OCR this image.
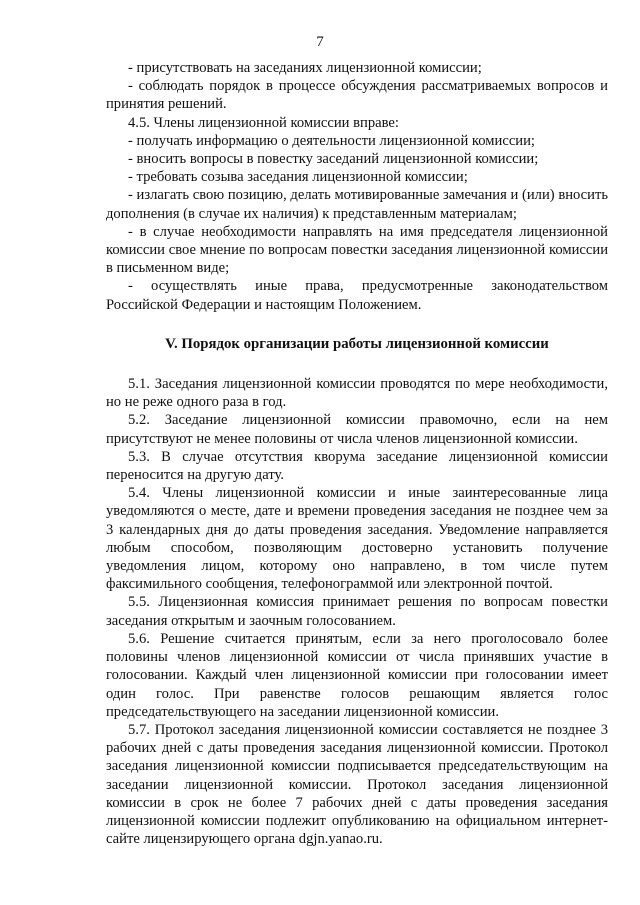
7

- присутствовать на заседаниях лицензионной комиссии;

- соблюдать порядок в процессе обсуждения рассматриваемых вопросов и принятия решений.

4.5. Члены лицензионной комиссии вправе:

- получать информацию о деятельности лицензионной комиссии;

- вносить вопросы в повестку заседаний лицензионной комиссии;

- требовать созыва заседания лицензионной комиссии;

- излагать свою позицию, делать мотивированные замечания и (или) вносить дополнения (в случае их наличия) к представленным материалам;

- в случае необходимости направлять на имя председателя лицензионной комиссии свое мнение по вопросам повестки заседания лицензионной комиссии в письменном виде;

- осуществлять иные права, предусмотренные законодательством Российской Федерации и настоящим Положением.

V. Порядок организации работы лицензионной комиссии

5.1. Заседания лицензионной комиссии проводятся по мере необходимости, но не реже одного раза в год.

5.2. Заседание лицензионной комиссии правомочно, если на нем присутствуют не менее половины от числа членов лицензионной комиссии.

5.3. В случае отсутствия кворума заседание лицензионной комиссии переносится на другую дату.

5.4. Члены лицензионной комиссии и иные заинтересованные лица уведомляются о месте, дате и времени проведения заседания не позднее чем за 3 календарных дня до даты проведения заседания. Уведомление направляется любым способом, позволяющим достоверно установить получение уведомления лицом, которому оно направлено, в том числе путем факсимильного сообщения, телефонограммой или электронной почтой.

5.5. Лицензионная комиссия принимает решения по вопросам повестки заседания открытым и заочным голосованием.

5.6. Решение считается принятым, если за него проголосовало более половины членов лицензионной комиссии от числа принявших участие в голосовании. Каждый член лицензионной комиссии при голосовании имеет один голос. При равенстве голосов решающим является голос председательствующего на заседании лицензионной комиссии.

5.7. Протокол заседания лицензионной комиссии составляется не позднее 3 рабочих дней с даты проведения заседания лицензионной комиссии. Протокол заседания лицензионной комиссии подписывается председательствующим на заседании лицензионной комиссии. Протокол заседания лицензионной комиссии в срок не более 7 рабочих дней с даты проведения заседания лицензионной комиссии подлежит опубликованию на официальном интернет-сайте лицензирующего органа dgjn.yanao.ru.
